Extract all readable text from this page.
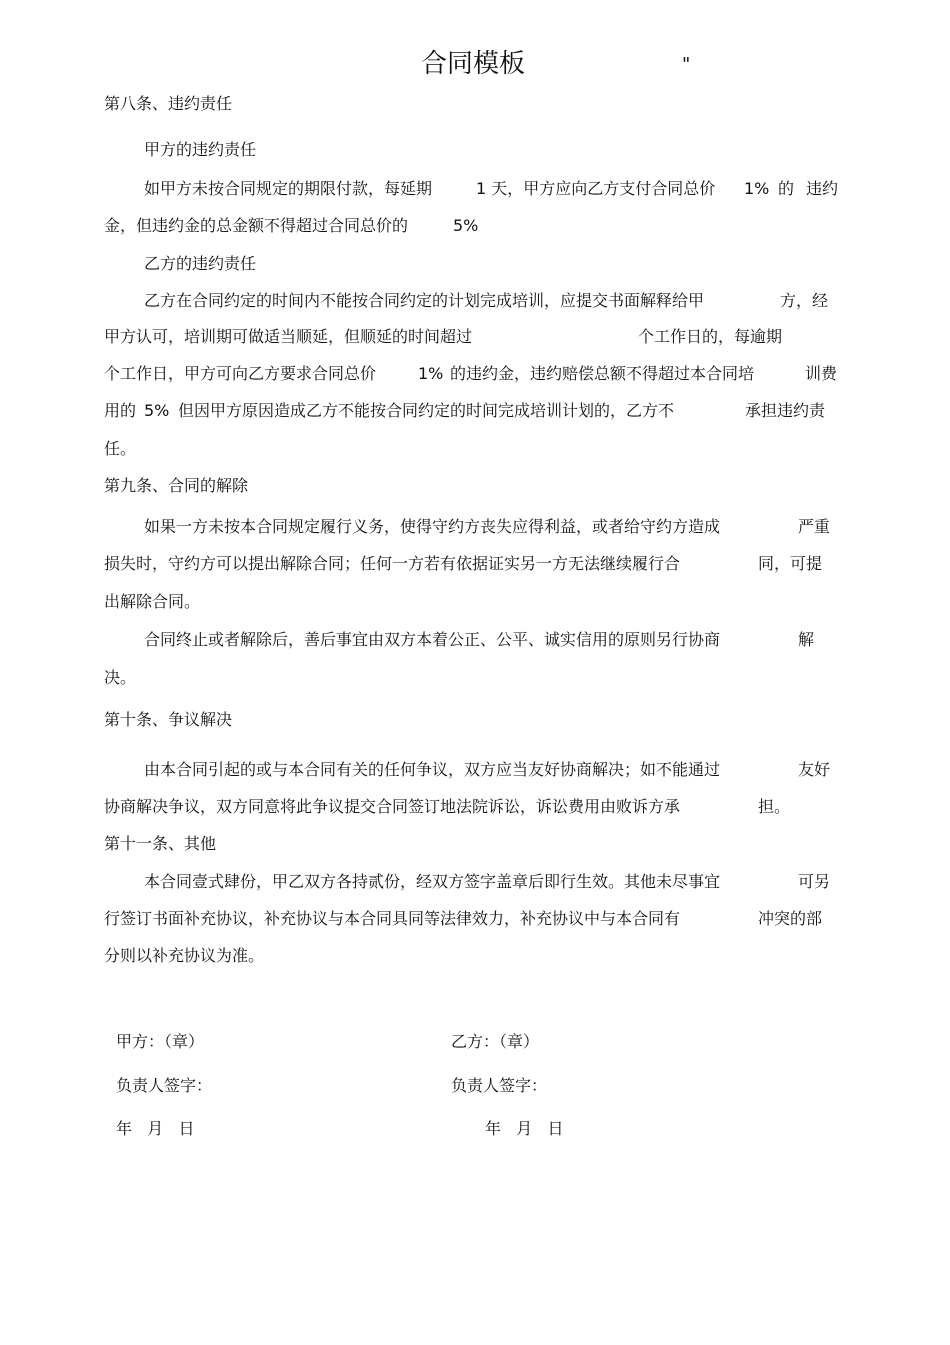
合同模板	"
第八条、违约责任
甲方的违约责任
如甲方未按合同规定的期限付款，每延期	1 天，甲方应向乙方支付合同总价 1% 的 违约
金，但违约金的总金额不得超过合同总价的	5%
乙方的违约责任
乙方在合同约定的时间内不能按合同约定的计划完成培训，应提交书面解释给甲	方，经
甲方认可，培训期可做适当顺延，但顺延的时间超过	个工作日的，每逾期
个工作日，甲方可向乙方要求合同总价	1% 的违约金，违约赔偿总额不得超过本合同培	训费
用的 5% 但因甲方原因造成乙方不能按合同约定的时间完成培训计划的，乙方不	承担违约责
任。
第九条、合同的解除
如果一方未按本合同规定履行义务，使得守约方丧失应得利益，或者给守约方造成	严重
损失时，守约方可以提出解除合同；任何一方若有依据证实另一方无法继续履行合	同，可提
出解除合同。
合同终止或者解除后，善后事宜由双方本着公正、公平、诚实信用的原则另行协商	解
决。
第十条、争议解决
由本合同引起的或与本合同有关的任何争议，双方应当友好协商解决；如不能通过	友好
协商解决争议，双方同意将此争议提交合同签订地法院诉讼，诉讼费用由败诉方承	担。
第十一条、其他
本合同壹式肆份，甲乙双方各持贰份，经双方签字盖章后即行生效。其他未尽事宜	可另
行签订书面补充协议，补充协议与本合同具同等法律效力，补充协议中与本合同有	冲突的部
分则以补充协议为准。
甲方：（章）	乙方：（章）
负责人签字：	负责人签字：
年   月   日	年   月   日
